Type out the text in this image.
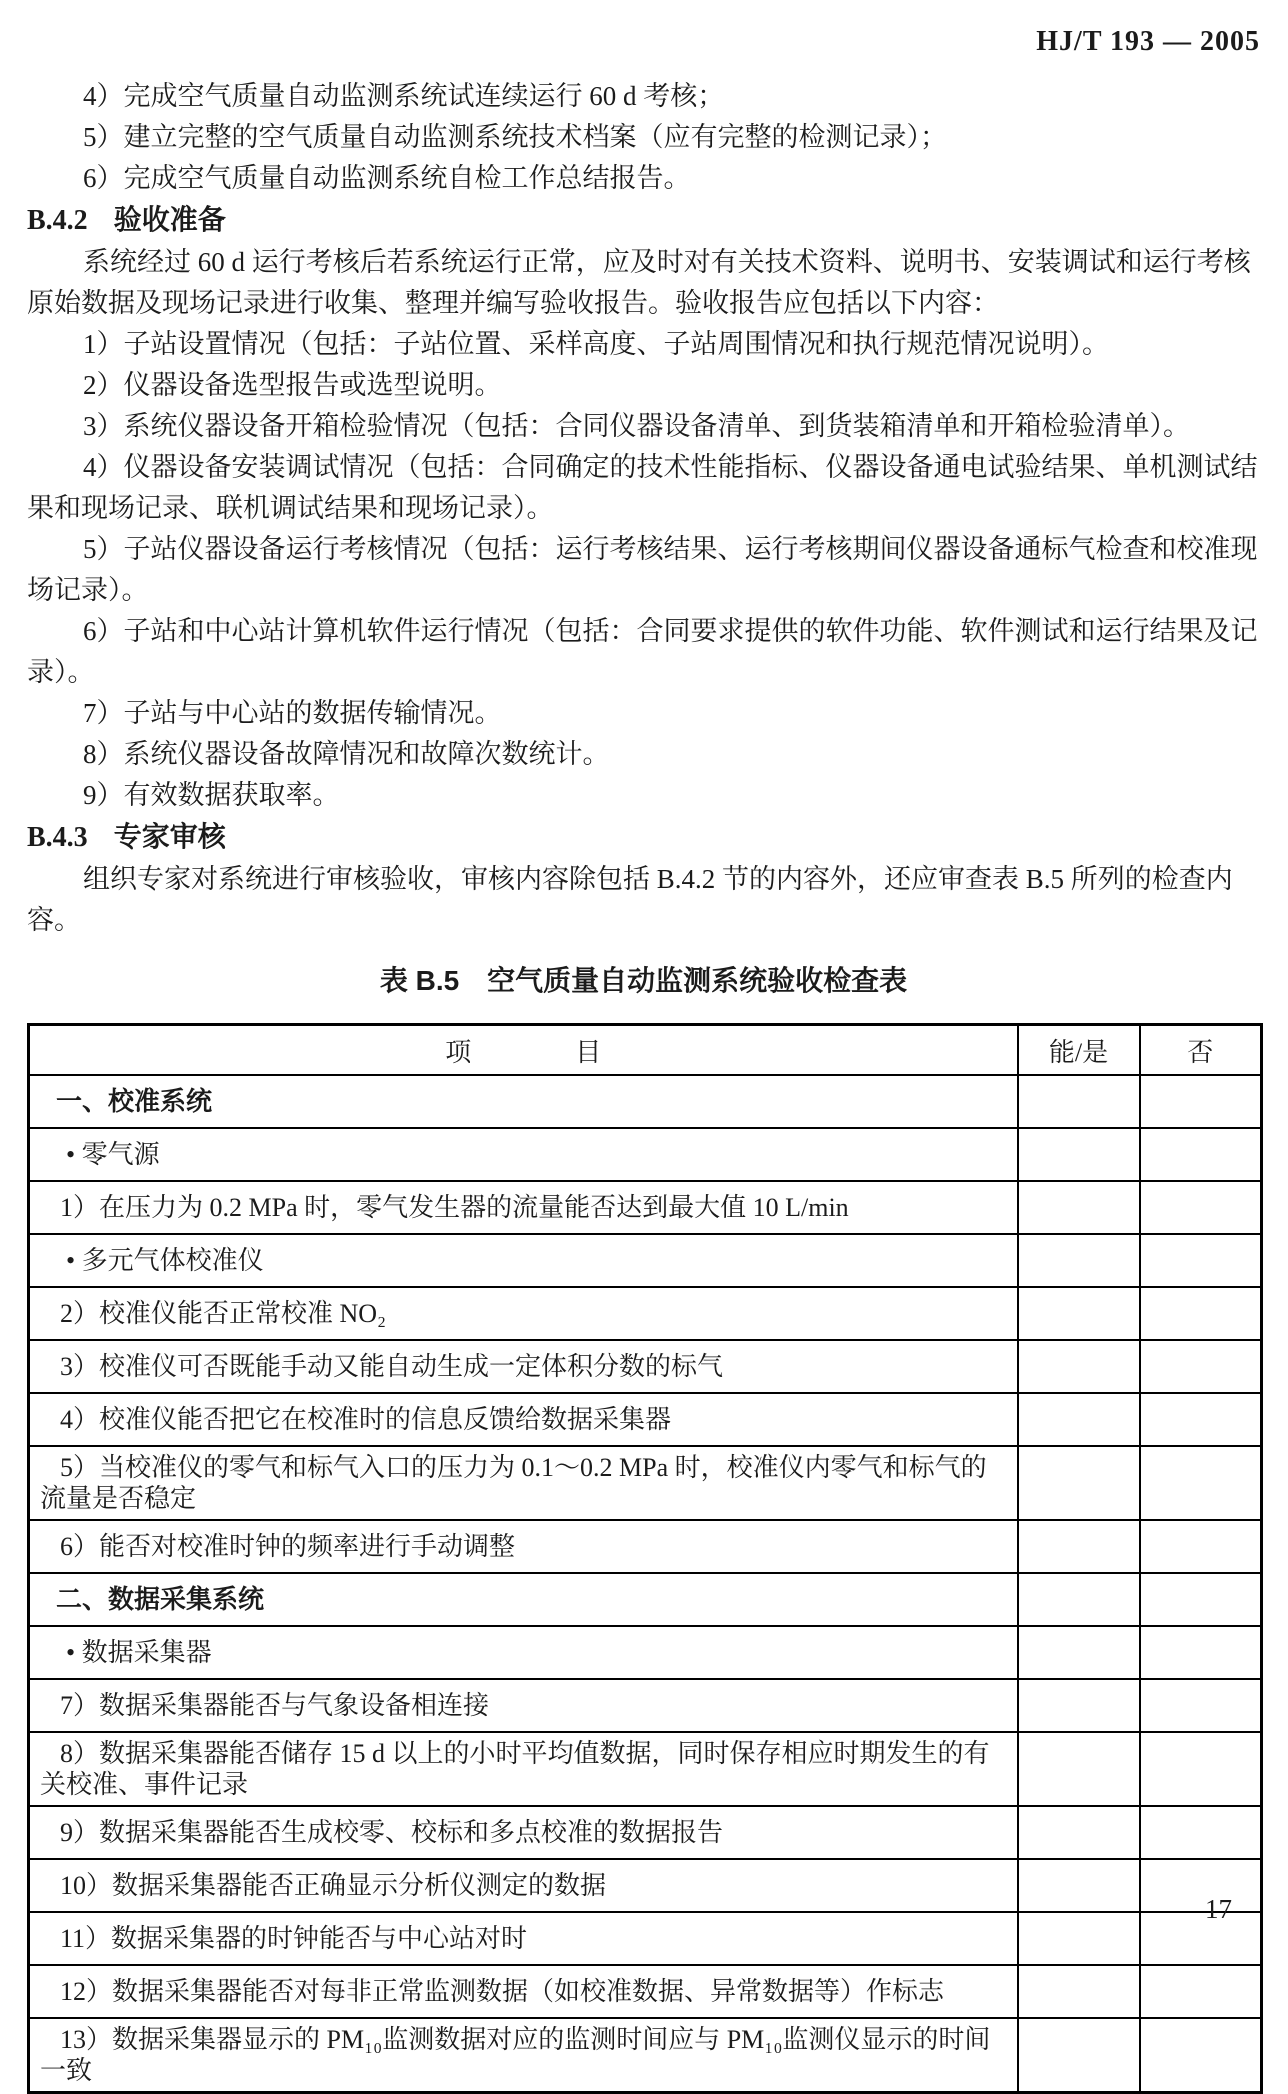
HJ/T 193 — 2005
4）完成空气质量自动监测系统试连续运行 60 d 考核；
5）建立完整的空气质量自动监测系统技术档案（应有完整的检测记录）；
6）完成空气质量自动监测系统自检工作总结报告。
B.4.2 验收准备
系统经过 60 d 运行考核后若系统运行正常，应及时对有关技术资料、说明书、安装调试和运行考核原始数据及现场记录进行收集、整理并编写验收报告。验收报告应包括以下内容：
1）子站设置情况（包括：子站位置、采样高度、子站周围情况和执行规范情况说明）。
2）仪器设备选型报告或选型说明。
3）系统仪器设备开箱检验情况（包括：合同仪器设备清单、到货装箱清单和开箱检验清单）。
4）仪器设备安装调试情况（包括：合同确定的技术性能指标、仪器设备通电试验结果、单机测试结果和现场记录、联机调试结果和现场记录）。
5）子站仪器设备运行考核情况（包括：运行考核结果、运行考核期间仪器设备通标气检查和校准现场记录）。
6）子站和中心站计算机软件运行情况（包括：合同要求提供的软件功能、软件测试和运行结果及记录）。
7）子站与中心站的数据传输情况。
8）系统仪器设备故障情况和故障次数统计。
9）有效数据获取率。
B.4.3 专家审核
组织专家对系统进行审核验收，审核内容除包括 B.4.2 节的内容外，还应审查表 B.5 所列的检查内容。
表 B.5　空气质量自动监测系统验收检查表
项　　　　目	能/是	否
一、校准系统		
• 零气源		
1）在压力为 0.2 MPa 时，零气发生器的流量能否达到最大值 10 L/min		
• 多元气体校准仪		
2）校准仪能否正常校准 NO₂		
3）校准仪可否既能手动又能自动生成一定体积分数的标气		
4）校准仪能否把它在校准时的信息反馈给数据采集器		
5）当校准仪的零气和标气入口的压力为 0.1～0.2 MPa 时，校准仪内零气和标气的流量是否稳定		
6）能否对校准时钟的频率进行手动调整		
二、数据采集系统		
• 数据采集器		
7）数据采集器能否与气象设备相连接		
8）数据采集器能否储存 15 d 以上的小时平均值数据，同时保存相应时期发生的有关校准、事件记录		
9）数据采集器能否生成校零、校标和多点校准的数据报告		
10）数据采集器能否正确显示分析仪测定的数据		
11）数据采集器的时钟能否与中心站对时		
12）数据采集器能否对每非正常监测数据（如校准数据、异常数据等）作标志		
13）数据采集器显示的 PM₁₀监测数据对应的监测时间应与 PM₁₀监测仪显示的时间一致		
17
